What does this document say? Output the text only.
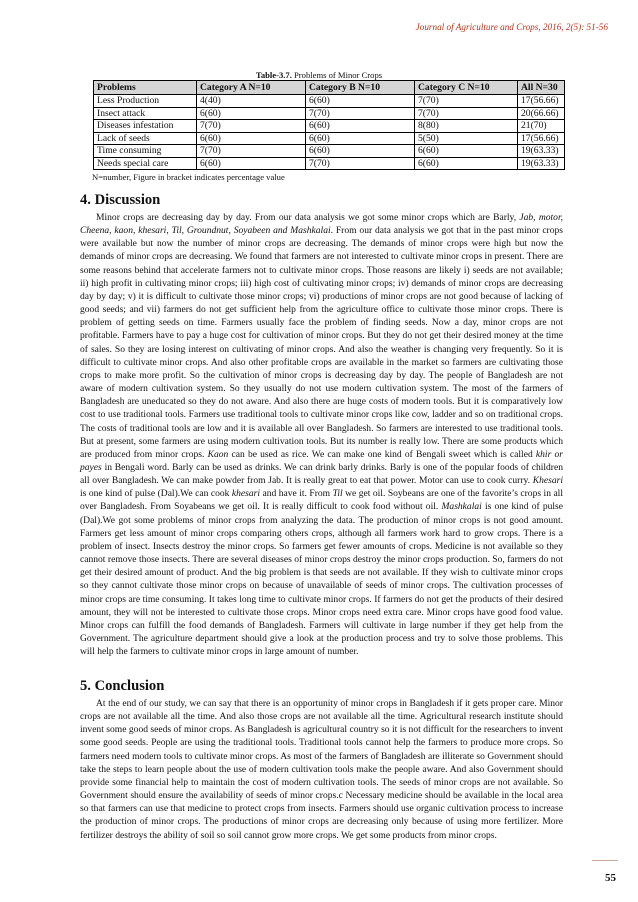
Journal of Agriculture and Crops, 2016, 2(5): 51-56
Table-3.7. Problems of Minor Crops
Problems	Category A N=10	Category B N=10	Category C N=10	All N=30
Less Production	4(40)	6(60)	7(70)	17(56.66)
Insect attack	6(60)	7(70)	7(70)	20(66.66)
Diseases infestation	7(70)	6(60)	8(80)	21(70)
Lack of seeds	6(60)	6(60)	5(50)	17(56.66)
Time consuming	7(70)	6(60)	6(60)	19(63.33)
Needs special care	6(60)	7(70)	6(60)	19(63.33)
N=number, Figure in bracket indicates percentage value
4. Discussion

Minor crops are decreasing day by day. From our data analysis we got some minor crops which are Barly, Jab, motor, Cheena, kaon, khesari, Til, Groundnut, Soyabeen and Mashkalai. From our data analysis we got that in the past minor crops were available but now the number of minor crops are decreasing. The demands of minor crops were high but now the demands of minor crops are decreasing. We found that farmers are not interested to cultivate minor crops in present. There are some reasons behind that accelerate farmers not to cultivate minor crops. Those reasons are likely i) seeds are not available; ii) high profit in cultivating minor crops; iii) high cost of cultivating minor crops; iv) demands of minor crops are decreasing day by day; v) it is difficult to cultivate those minor crops; vi) productions of minor crops are not good because of lacking of good seeds; and vii) farmers do not get sufficient help from the agriculture office to cultivate those minor crops. There is problem of getting seeds on time. Farmers usually face the problem of finding seeds. Now a day, minor crops are not profitable. Farmers have to pay a huge cost for cultivation of minor crops. But they do not get their desired money at the time of sales. So they are losing interest on cultivating of minor crops. And also the weather is changing very frequently. So it is difficult to cultivate minor crops. And also other profitable crops are available in the market so farmers are cultivating those crops to make more profit. So the cultivation of minor crops is decreasing day by day. The people of Bangladesh are not aware of modern cultivation system. So they usually do not use modern cultivation system. The most of the farmers of Bangladesh are uneducated so they do not aware. And also there are huge costs of modern tools. But it is comparatively low cost to use traditional tools. Farmers use traditional tools to cultivate minor crops like cow, ladder and so on traditional crops. The costs of traditional tools are low and it is available all over Bangladesh. So farmers are interested to use traditional tools. But at present, some farmers are using modern cultivation tools. But its number is really low. There are some products which are produced from minor crops. Kaon can be used as rice. We can make one kind of Bengali sweet which is called khir or payes in Bengali word. Barly can be used as drinks. We can drink barly drinks. Barly is one of the popular foods of children all over Bangladesh. We can make powder from Jab. It is really great to eat that power. Motor can use to cook curry. Khesari is one kind of pulse (Dal).We can cook khesari and have it. From Til we get oil. Soybeans are one of the favorite’s crops in all over Bangladesh. From Soyabeans we get oil. It is really difficult to cook food without oil. Mashkalai is one kind of pulse (Dal).We got some problems of minor crops from analyzing the data. The production of minor crops is not good amount. Farmers get less amount of minor crops comparing others crops, although all farmers work hard to grow crops. There is a problem of insect. Insects destroy the minor crops. So farmers get fewer amounts of crops. Medicine is not available so they cannot remove those insects. There are several diseases of minor crops destroy the minor crops production. So, farmers do not get their desired amount of product. And the big problem is that seeds are not available. If they wish to cultivate minor crops so they cannot cultivate those minor crops on because of unavailable of seeds of minor crops. The cultivation processes of minor crops are time consuming. It takes long time to cultivate minor crops. If farmers do not get the products of their desired amount, they will not be interested to cultivate those crops. Minor crops need extra care. Minor crops have good food value. Minor crops can fulfill the food demands of Bangladesh. Farmers will cultivate in large number if they get help from the Government. The agriculture department should give a look at the production process and try to solve those problems. This will help the farmers to cultivate minor crops in large amount of number.

5. Conclusion

At the end of our study, we can say that there is an opportunity of minor crops in Bangladesh if it gets proper care. Minor crops are not available all the time. And also those crops are not available all the time. Agricultural research institute should invent some good seeds of minor crops. As Bangladesh is agricultural country so it is not difficult for the researchers to invent some good seeds. People are using the traditional tools. Traditional tools cannot help the farmers to produce more crops. So farmers need modern tools to cultivate minor crops. As most of the farmers of Bangladesh are illiterate so Government should take the steps to learn people about the use of modern cultivation tools make the people aware. And also Government should provide some financial help to maintain the cost of modern cultivation tools. The seeds of minor crops are not available. So Government should ensure the availability of seeds of minor crops.c Necessary medicine should be available in the local area so that farmers can use that medicine to protect crops from insects. Farmers should use organic cultivation process to increase the production of minor crops. The productions of minor crops are decreasing only because of using more fertilizer. More fertilizer destroys the ability of soil so soil cannot grow more crops. We get some products from minor crops.

55
